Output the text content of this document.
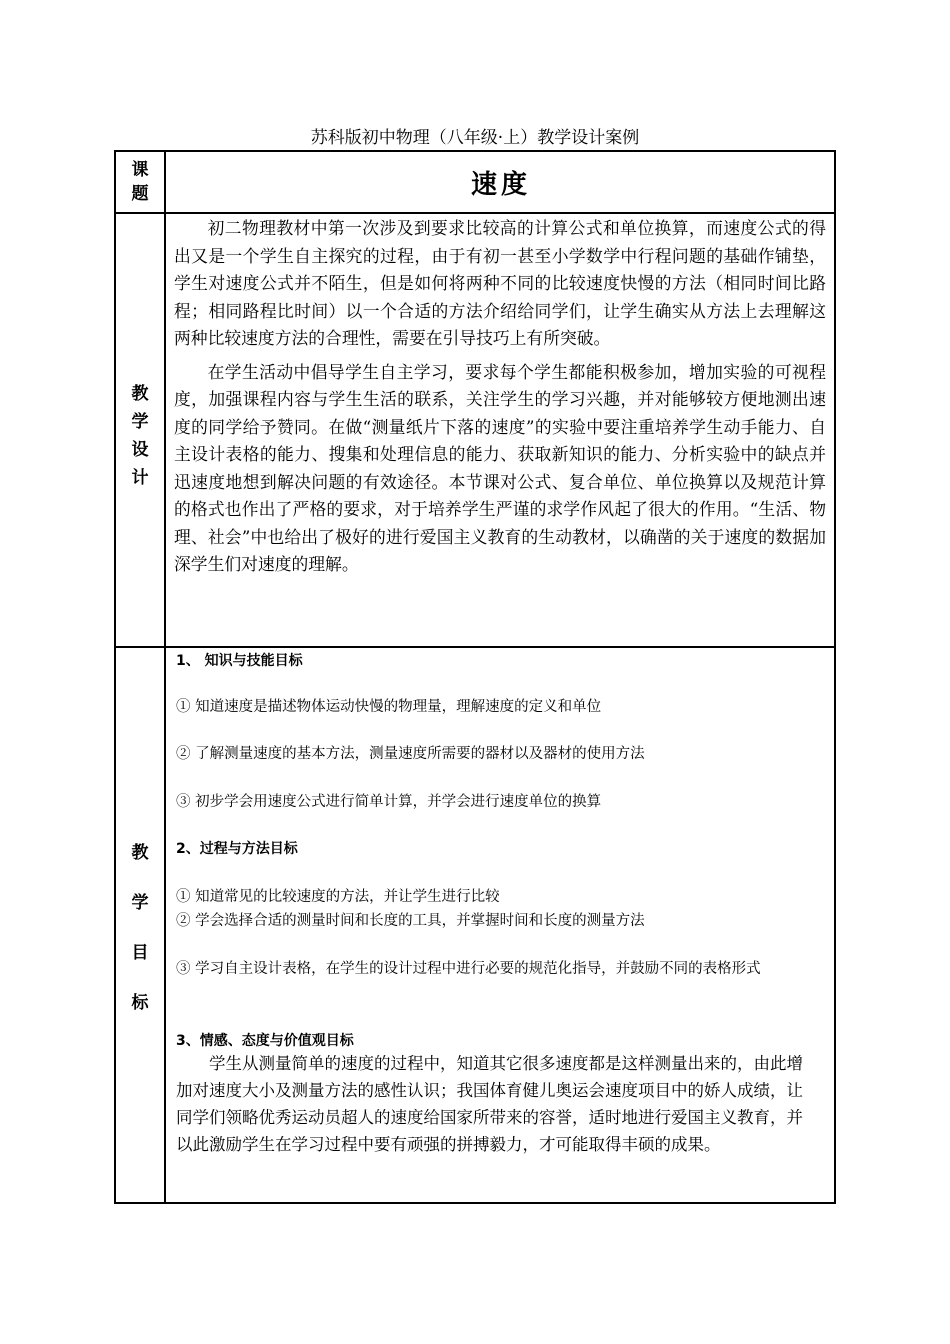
苏科版初中物理（八年级·上）教学设计案例
课
题	速度
教
学
设
计

初二物理教材中第一次涉及到要求比较高的计算公式和单位换算，而速度公式的得出又是一个学生自主探究的过程，由于有初一甚至小学数学中行程问题的基础作铺垫，学生对速度公式并不陌生，但是如何将两种不同的比较速度快慢的方法（相同时间比路程；相同路程比时间）以一个合适的方法介绍给同学们，让学生确实从方法上去理解这两种比较速度方法的合理性，需要在引导技巧上有所突破。

在学生活动中倡导学生自主学习，要求每个学生都能积极参加，增加实验的可视程度，加强课程内容与学生生活的联系，关注学生的学习兴趣，并对能够较方便地测出速度的同学给予赞同。在做“测量纸片下落的速度”的实验中要注重培养学生动手能力、自主设计表格的能力、搜集和处理信息的能力、获取新知识的能力、分析实验中的缺点并迅速度地想到解决问题的有效途径。本节课对公式、复合单位、单位换算以及规范计算的格式也作出了严格的要求，对于培养学生严谨的求学作风起了很大的作用。“生活、物理、社会”中也给出了极好的进行爱国主义教育的生动教材，以确凿的关于速度的数据加深学生们对速度的理解。

教
学
目
标
1、 知识与技能目标
① 知道速度是描述物体运动快慢的物理量，理解速度的定义和单位
② 了解测量速度的基本方法，测量速度所需要的器材以及器材的使用方法
③ 初步学会用速度公式进行简单计算，并学会进行速度单位的换算
2、过程与方法目标
① 知道常见的比较速度的方法，并让学生进行比较
② 学会选择合适的测量时间和长度的工具，并掌握时间和长度的测量方法
③ 学习自主设计表格，在学生的设计过程中进行必要的规范化指导，并鼓励不同的表格形式
3、情感、态度与价值观目标
学生从测量简单的速度的过程中，知道其它很多速度都是这样测量出来的，由此增加对速度大小及测量方法的感性认识；我国体育健儿奥运会速度项目中的娇人成绩，让同学们领略优秀运动员超人的速度给国家所带来的容誉，适时地进行爱国主义教育，并以此激励学生在学习过程中要有顽强的拼搏毅力，才可能取得丰硕的成果。
